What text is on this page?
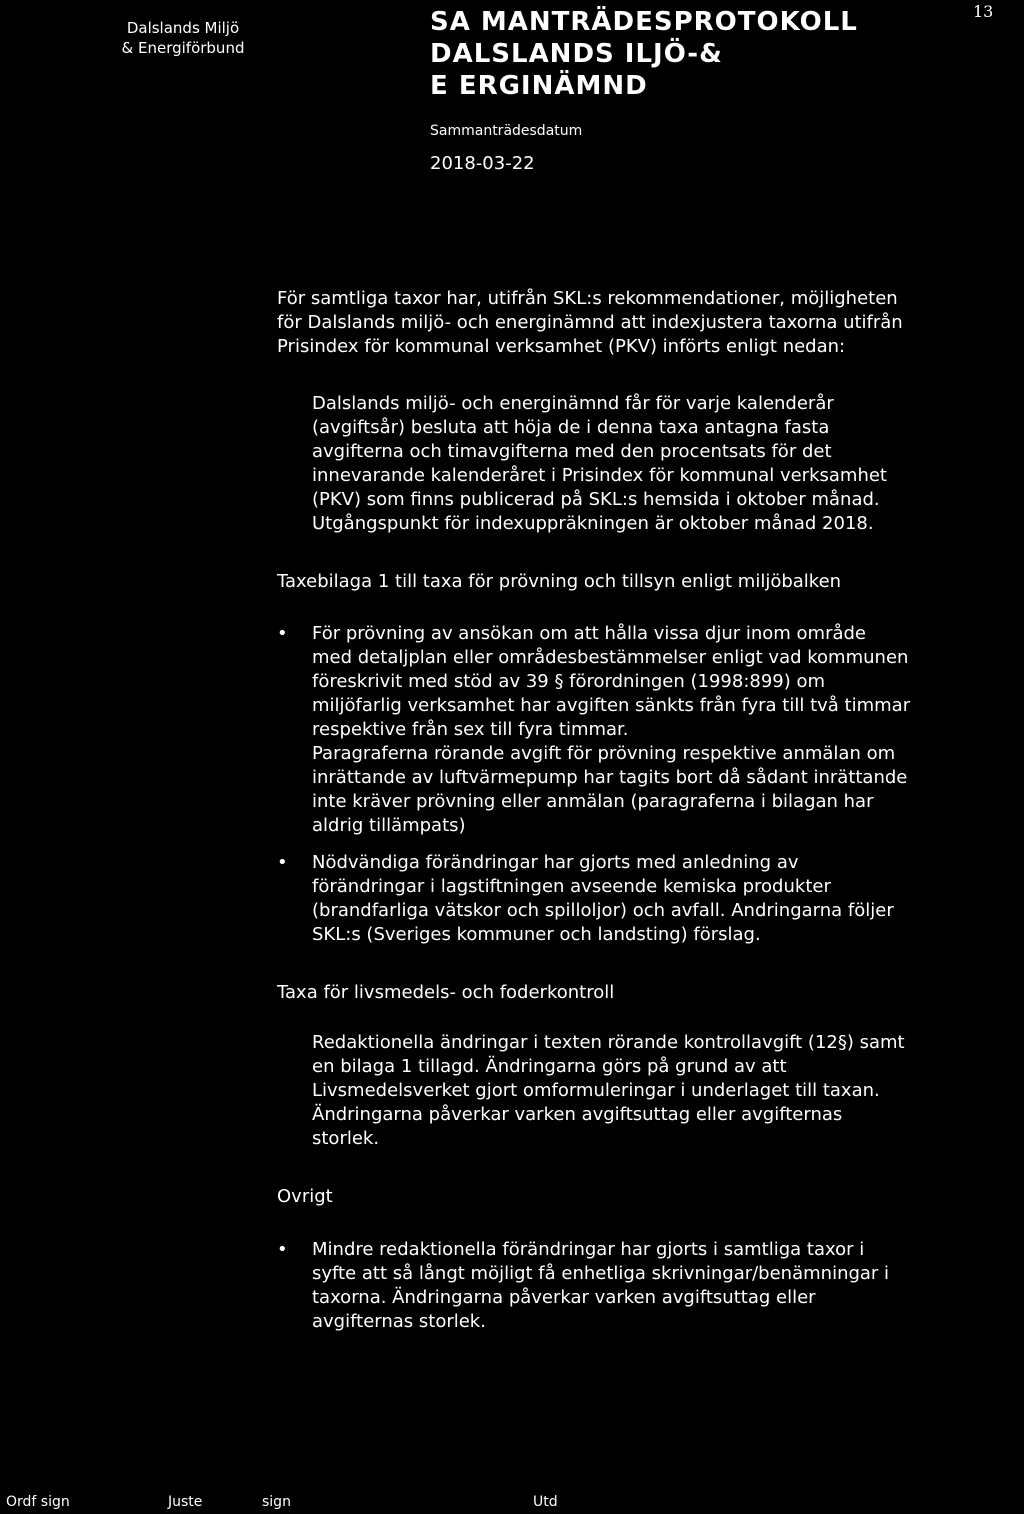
Dalslands Miljö
& Energiförbund
SA MANTRÄDESPROTOKOLL
DALSLANDS ILJÖ-&
E ERGINÄMND
13
Sammanträdesdatum
2018-03-22
För samtliga taxor har, utifrån SKL:s rekommendationer, möjligheten
för Dalslands miljö- och energinämnd att indexjustera taxorna utifrån
Prisindex för kommunal verksamhet (PKV) införts enligt nedan:
Dalslands miljö- och energinämnd får för varje kalenderår
(avgiftsår) besluta att höja de i denna taxa antagna fasta
avgifterna och timavgifterna med den procentsats för det
innevarande kalenderåret i Prisindex för kommunal verksamhet
(PKV) som finns publicerad på SKL:s hemsida i oktober månad.
Utgångspunkt för indexuppräkningen är oktober månad 2018.
Taxebilaga 1 till taxa för prövning och tillsyn enligt miljöbalken
• För prövning av ansökan om att hålla vissa djur inom område
med detaljplan eller områdesbestämmelser enligt vad kommunen
föreskrivit med stöd av 39 § förordningen (1998:899) om
miljöfarlig verksamhet har avgiften sänkts från fyra till två timmar
respektive från sex till fyra timmar.
Paragraferna rörande avgift för prövning respektive anmälan om
inrättande av luftvärmepump har tagits bort då sådant inrättande
inte kräver prövning eller anmälan (paragraferna i bilagan har
aldrig tillämpats)
• Nödvändiga förändringar har gjorts med anledning av
förändringar i lagstiftningen avseende kemiska produkter
(brandfarliga vätskor och spilloljor) och avfall. Andringarna följer
SKL:s (Sveriges kommuner och landsting) förslag.
Taxa för livsmedels- och foderkontroll
Redaktionella ändringar i texten rörande kontrollavgift (12§) samt
en bilaga 1 tillagd. Ändringarna görs på grund av att
Livsmedelsverket gjort omformuleringar i underlaget till taxan.
Ändringarna påverkar varken avgiftsuttag eller avgifternas
storlek.
Ovrigt
• Mindre redaktionella förändringar har gjorts i samtliga taxor i
syfte att så långt möjligt få enhetliga skrivningar/benämningar i
taxorna. Ändringarna påverkar varken avgiftsuttag eller
avgifternas storlek.
Ordf sign	Juste	sign	Utd
